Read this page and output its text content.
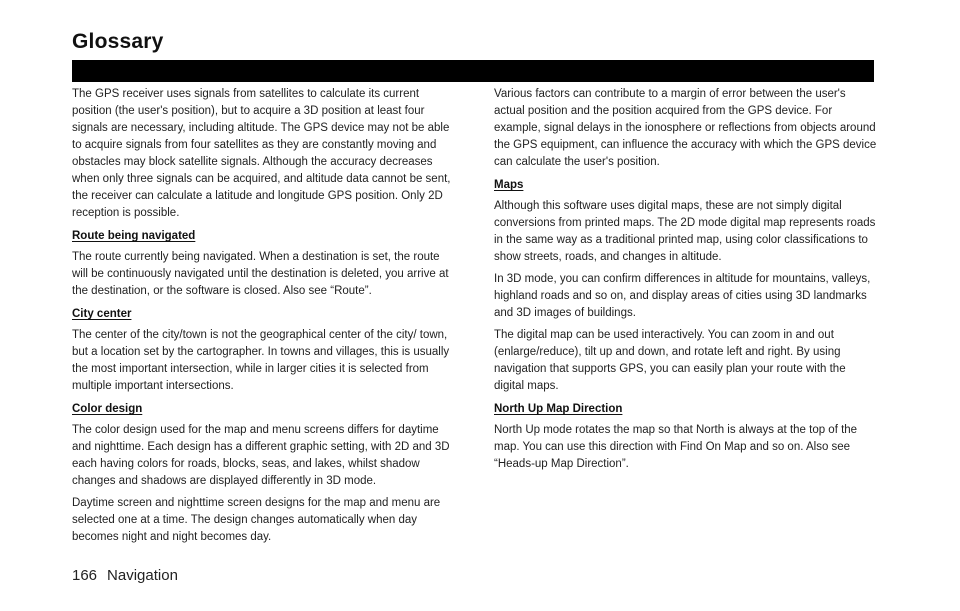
Glossary

The GPS receiver uses signals from satellites to calculate its current position (the user's position), but to acquire a 3D position at least four signals are necessary, including altitude. The GPS device may not be able to acquire signals from four satellites as they are constantly moving and obstacles may block satellite signals. Although the accuracy decreases when only three signals can be acquired, and altitude data cannot be sent, the receiver can calculate a latitude and longitude GPS position. Only 2D reception is possible.

Route being navigated

The route currently being navigated. When a destination is set, the route will be continuously navigated until the destination is deleted, you arrive at the destination, or the software is closed. Also see “Route”.

City center

The center of the city/town is not the geographical center of the city/ town, but a location set by the cartographer. In towns and villages, this is usually the most important intersection, while in larger cities it is selected from multiple important intersections.

Color design

The color design used for the map and menu screens differs for daytime and nighttime. Each design has a different graphic setting, with 2D and 3D each having colors for roads, blocks, seas, and lakes, whilst shadow changes and shadows are displayed differently in 3D mode.

Daytime screen and nighttime screen designs for the map and menu are selected one at a time. The design changes automatically when day becomes night and night becomes day.

Various factors can contribute to a margin of error between the user's actual position and the position acquired from the GPS device. For example, signal delays in the ionosphere or reflections from objects around the GPS equipment, can influence the accuracy with which the GPS device can calculate the user's position.

Maps

Although this software uses digital maps, these are not simply digital conversions from printed maps. The 2D mode digital map represents roads in the same way as a traditional printed map, using color classifications to show streets, roads, and changes in altitude.

In 3D mode, you can confirm differences in altitude for mountains, valleys, highland roads and so on, and display areas of cities using 3D landmarks and 3D images of buildings.

The digital map can be used interactively. You can zoom in and out (enlarge/reduce), tilt up and down, and rotate left and right. By using navigation that supports GPS, you can easily plan your route with the digital maps.

North Up Map Direction

North Up mode rotates the map so that North is always at the top of the map. You can use this direction with Find On Map and so on. Also see “Heads-up Map Direction”.

166 Navigation
